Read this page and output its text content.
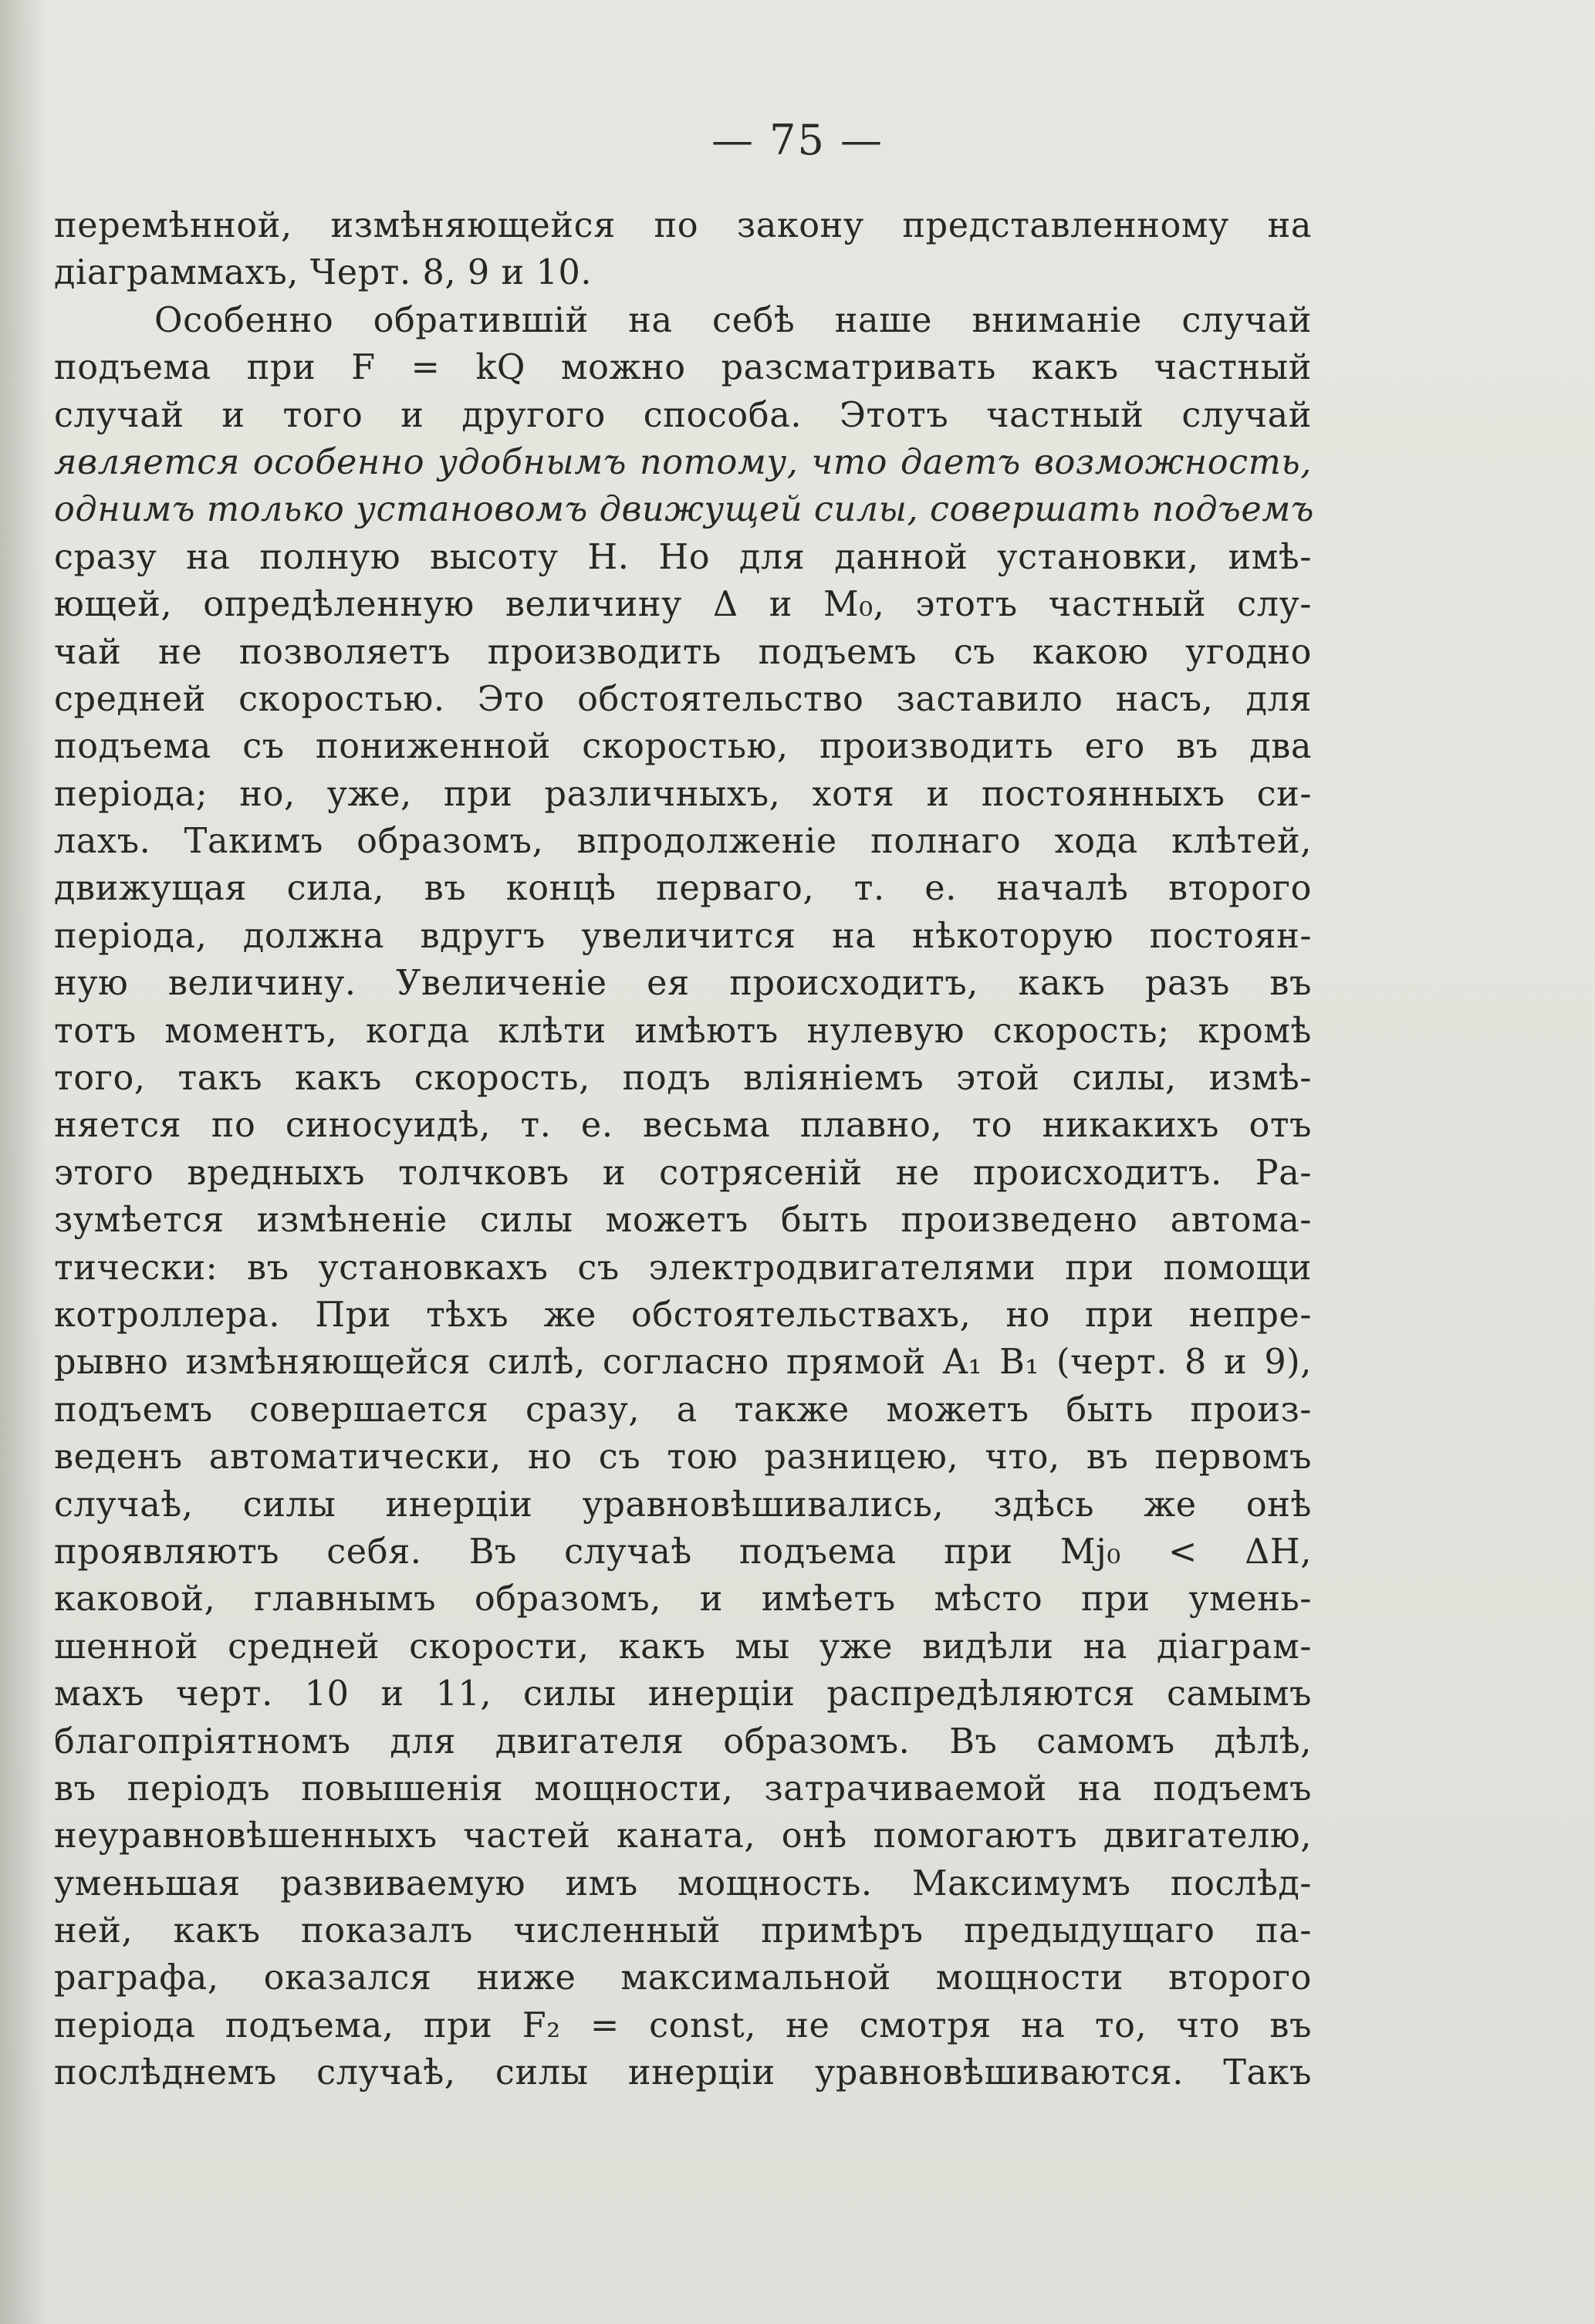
— 75 —
перемѣнной, измѣняющейся по закону представленному на
діаграммахъ, Черт. 8, 9 и 10.
Особенно обратившій на себѣ наше вниманіе случай
подъема при F = kQ можно разсматривать какъ частный
случай и того и другого способа. Этотъ частный случай
является особенно удобнымъ потому, что даетъ возможность,
однимъ только установомъ движущей силы, совершать подъемъ
сразу на полную высоту H. Но для данной установки, имѣ-
ющей, опредѣленную величину Δ и M₀, этотъ частный слу-
чай не позволяетъ производить подъемъ съ какою угодно
средней скоростью. Это обстоятельство заставило насъ, для
подъема съ пониженной скоростью, производить его въ два
періода; но, уже, при различныхъ, хотя и постоянныхъ си-
лахъ. Такимъ образомъ, впродолженіе полнаго хода клѣтей,
движущая сила, въ концѣ перваго, т. е. началѣ второго
періода, должна вдругъ увеличится на нѣкоторую постоян-
ную величину. Увеличеніе ея происходитъ, какъ разъ въ
тотъ моментъ, когда клѣти имѣютъ нулевую скорость; кромѣ
того, такъ какъ скорость, подъ вліяніемъ этой силы, измѣ-
няется по синосуидѣ, т. е. весьма плавно, то никакихъ отъ
этого вредныхъ толчковъ и сотрясеній не происходитъ. Ра-
зумѣется измѣненіе силы можетъ быть произведено автома-
тически: въ установкахъ съ электродвигателями при помощи
котроллера. При тѣхъ же обстоятельствахъ, но при непре-
рывно измѣняющейся силѣ, согласно прямой A₁ B₁ (черт. 8 и 9),
подъемъ совершается сразу, а также можетъ быть произ-
веденъ автоматически, но съ тою разницею, что, въ первомъ
случаѣ, силы инерціи уравновѣшивались, здѣсь же онѣ
проявляютъ себя. Въ случаѣ подъема при Mj₀ < ΔH,
каковой, главнымъ образомъ, и имѣетъ мѣсто при умень-
шенной средней скорости, какъ мы уже видѣли на діаграм-
махъ черт. 10 и 11, силы инерціи распредѣляются самымъ
благопріятномъ для двигателя образомъ. Въ самомъ дѣлѣ,
въ періодъ повышенія мощности, затрачиваемой на подъемъ
неуравновѣшенныхъ частей каната, онѣ помогаютъ двигателю,
уменьшая развиваемую имъ мощность. Максимумъ послѣд-
ней, какъ показалъ численный примѣръ предыдущаго па-
раграфа, оказался ниже максимальной мощности второго
періода подъема, при F₂ = const, не смотря на то, что въ
послѣднемъ случаѣ, силы инерціи уравновѣшиваются. Такъ
